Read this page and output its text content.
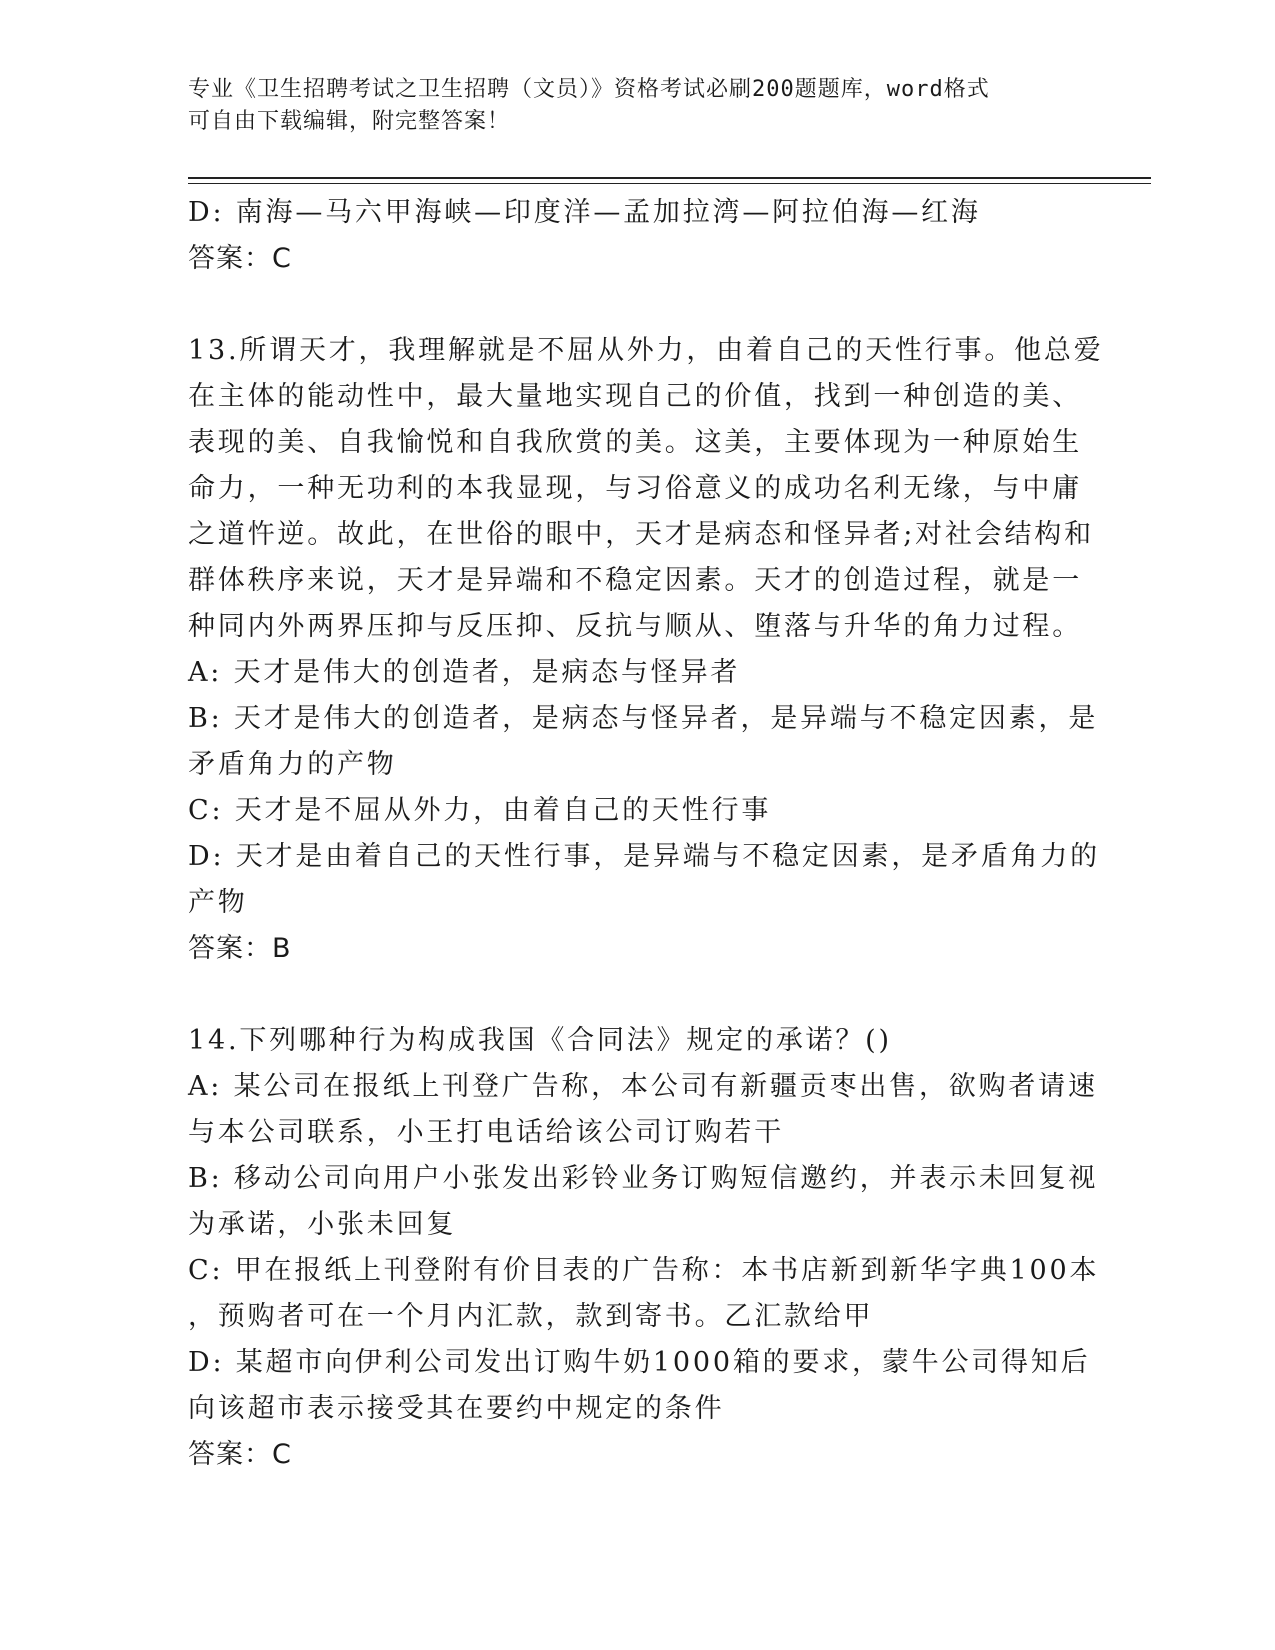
专业《卫生招聘考试之卫生招聘（文员）》资格考试必刷200题题库，word格式
可自由下载编辑，附完整答案！
D: 南海—马六甲海峡—印度洋—孟加拉湾—阿拉伯海—红海
答案：C
13.所谓天才，我理解就是不屈从外力，由着自己的天性行事。他总爱
在主体的能动性中，最大量地实现自己的价值，找到一种创造的美、
表现的美、自我愉悦和自我欣赏的美。这美，主要体现为一种原始生
命力，一种无功利的本我显现，与习俗意义的成功名利无缘，与中庸
之道忤逆。故此，在世俗的眼中，天才是病态和怪异者;对社会结构和
群体秩序来说，天才是异端和不稳定因素。天才的创造过程，就是一
种同内外两界压抑与反压抑、反抗与顺从、堕落与升华的角力过程。
A: 天才是伟大的创造者，是病态与怪异者
B: 天才是伟大的创造者，是病态与怪异者，是异端与不稳定因素，是
矛盾角力的产物
C: 天才是不屈从外力，由着自己的天性行事
D: 天才是由着自己的天性行事，是异端与不稳定因素，是矛盾角力的
产物
答案：B
14.下列哪种行为构成我国《合同法》规定的承诺？()
A: 某公司在报纸上刊登广告称，本公司有新疆贡枣出售，欲购者请速
与本公司联系，小王打电话给该公司订购若干
B: 移动公司向用户小张发出彩铃业务订购短信邀约，并表示未回复视
为承诺，小张未回复
C: 甲在报纸上刊登附有价目表的广告称：本书店新到新华字典100本
，预购者可在一个月内汇款，款到寄书。乙汇款给甲
D: 某超市向伊利公司发出订购牛奶1000箱的要求，蒙牛公司得知后
向该超市表示接受其在要约中规定的条件
答案：C
